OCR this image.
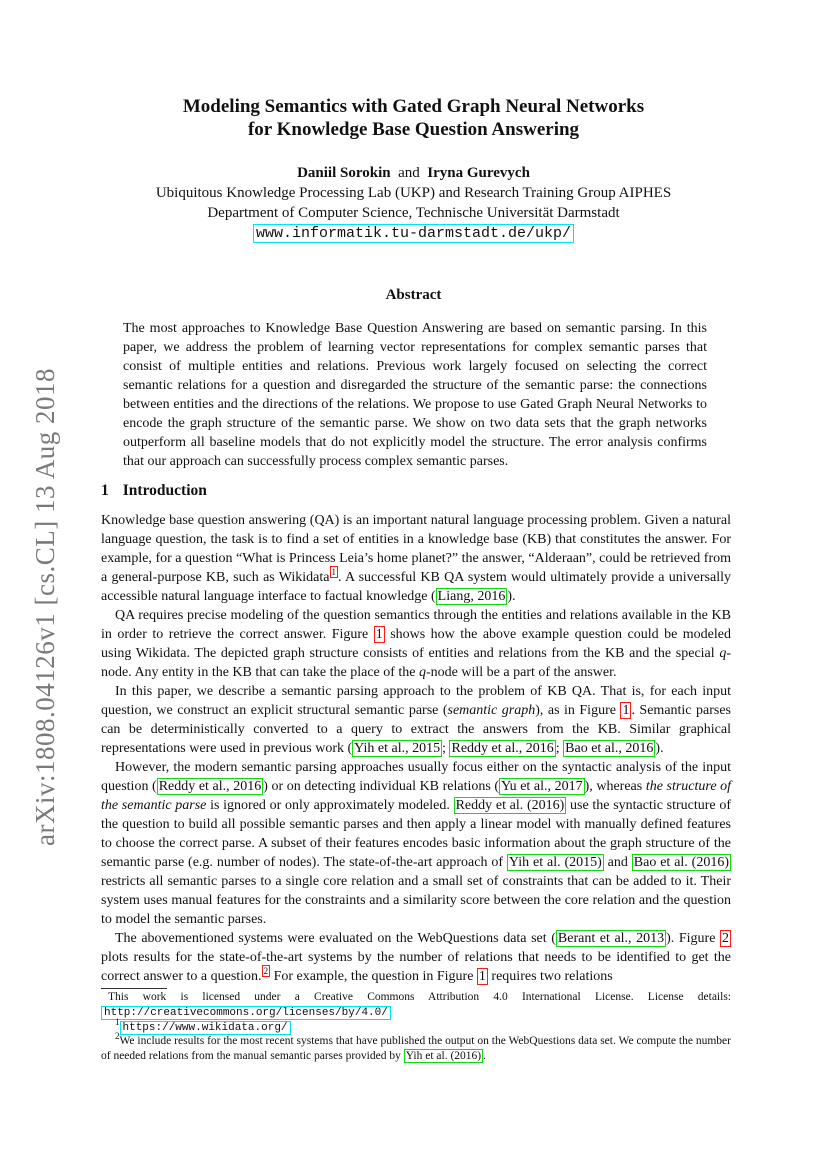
arXiv:1808.04126v1 [cs.CL] 13 Aug 2018
Modeling Semantics with Gated Graph Neural Networks
for Knowledge Base Question Answering
Daniil Sorokin and Iryna Gurevych
Ubiquitous Knowledge Processing Lab (UKP) and Research Training Group AIPHES
Department of Computer Science, Technische Universität Darmstadt
www.informatik.tu-darmstadt.de/ukp/
Abstract
The most approaches to Knowledge Base Question Answering are based on semantic parsing. In this paper, we address the problem of learning vector representations for complex semantic parses that consist of multiple entities and relations. Previous work largely focused on selecting the correct semantic relations for a question and disregarded the structure of the semantic parse: the connections between entities and the directions of the relations. We propose to use Gated Graph Neural Networks to encode the graph structure of the semantic parse. We show on two data sets that the graph networks outperform all baseline models that do not explicitly model the structure. The error analysis confirms that our approach can successfully process complex semantic parses.
1 Introduction

Knowledge base question answering (QA) is an important natural language processing problem. Given a natural language question, the task is to find a set of entities in a knowledge base (KB) that constitutes the answer. For example, for a question “What is Princess Leia’s home planet?” the answer, “Alderaan”, could be retrieved from a general-purpose KB, such as Wikidata $^1$ . A successful KB QA system would ultimately provide a universally accessible natural language interface to factual knowledge ( Liang, 2016 ).

QA requires precise modeling of the question semantics through the entities and relations available in the KB in order to retrieve the correct answer. Figure 1 shows how the above example question could be modeled using Wikidata. The depicted graph structure consists of entities and relations from the KB and the special q-node. Any entity in the KB that can take the place of the q-node will be a part of the answer.

In this paper, we describe a semantic parsing approach to the problem of KB QA. That is, for each input question, we construct an explicit structural semantic parse (semantic graph), as in Figure 1 . Semantic parses can be deterministically converted to a query to extract the answers from the KB. Similar graphical representations were used in previous work ( Yih et al., 2015 ; Reddy et al., 2016 ; Bao et al., 2016 ).

However, the modern semantic parsing approaches usually focus either on the syntactic analysis of the input question ( Reddy et al., 2016 ) or on detecting individual KB relations ( Yu et al., 2017 ), whereas the structure of the semantic parse is ignored or only approximately modeled. Reddy et al. (2016) use the syntactic structure of the question to build all possible semantic parses and then apply a linear model with manually defined features to choose the correct parse. A subset of their features encodes basic information about the graph structure of the semantic parse (e.g. number of nodes). The state-of-the-art approach of Yih et al. (2015) and Bao et al. (2016) restricts all semantic parses to a single core relation and a small set of constraints that can be added to it. Their system uses manual features for the constraints and a similarity score between the core relation and the question to model the semantic parses.

The abovementioned systems were evaluated on the WebQuestions data set ( Berant et al., 2013 ). Figure 2 plots results for the state-of-the-art systems by the number of relations that needs to be identified to get the correct answer to a question. $^2$ For example, the question in Figure 1 requires two relations

This work is licensed under a Creative Commons Attribution 4.0 International License. License details: http://creativecommons.org/licenses/by/4.0/
$^1$ https://www.wikidata.org/
$^2$We include results for the most recent systems that have published the output on the WebQuestions data set. We compute the number of needed relations from the manual semantic parses provided by Yih et al. (2016) .
